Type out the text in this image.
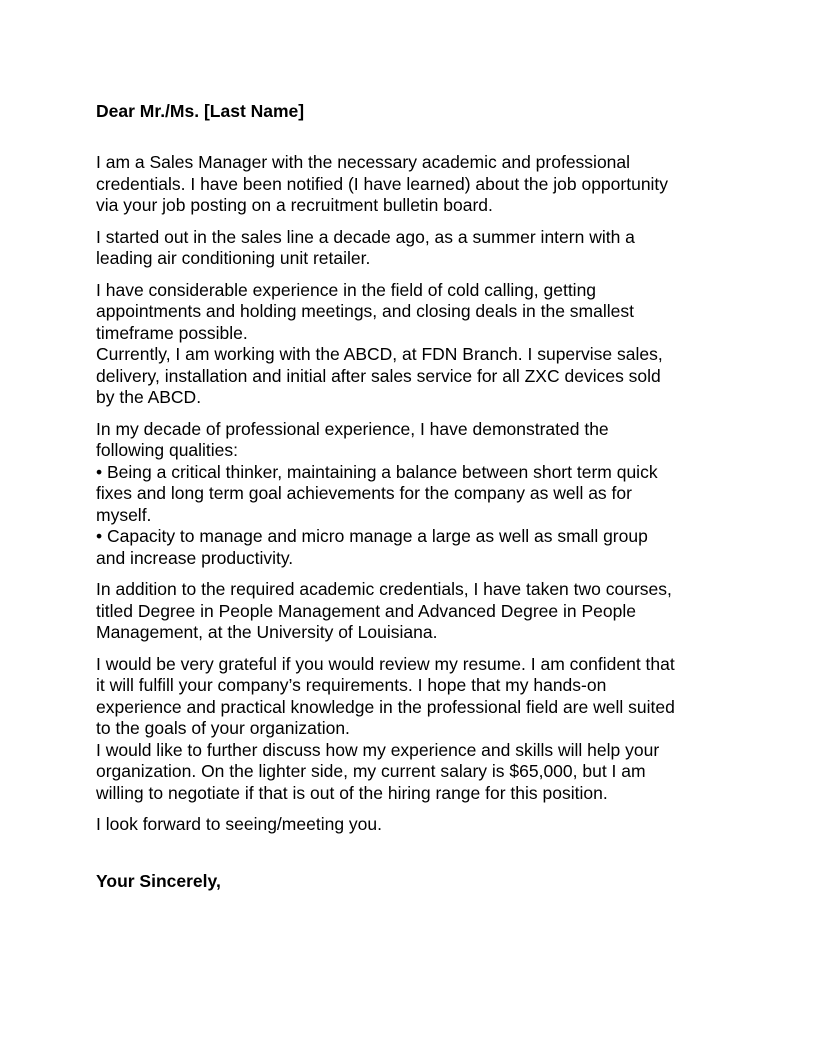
Dear Mr./Ms. [Last Name]
I am a Sales Manager with the necessary academic and professional
credentials. I have been notified (I have learned) about the job opportunity
via your job posting on a recruitment bulletin board.
I started out in the sales line a decade ago, as a summer intern with a
leading air conditioning unit retailer.
I have considerable experience in the field of cold calling, getting
appointments and holding meetings, and closing deals in the smallest
timeframe possible.
Currently, I am working with the ABCD, at FDN Branch. I supervise sales,
delivery, installation and initial after sales service for all ZXC devices sold
by the ABCD.
In my decade of professional experience, I have demonstrated the
following qualities:
• Being a critical thinker, maintaining a balance between short term quick
fixes and long term goal achievements for the company as well as for
myself.
• Capacity to manage and micro manage a large as well as small group
and increase productivity.
In addition to the required academic credentials, I have taken two courses,
titled Degree in People Management and Advanced Degree in People
Management, at the University of Louisiana.
I would be very grateful if you would review my resume. I am confident that
it will fulfill your company’s requirements. I hope that my hands-on
experience and practical knowledge in the professional field are well suited
to the goals of your organization.
I would like to further discuss how my experience and skills will help your
organization. On the lighter side, my current salary is $65,000, but I am
willing to negotiate if that is out of the hiring range for this position.
I look forward to seeing/meeting you.
Your Sincerely,
